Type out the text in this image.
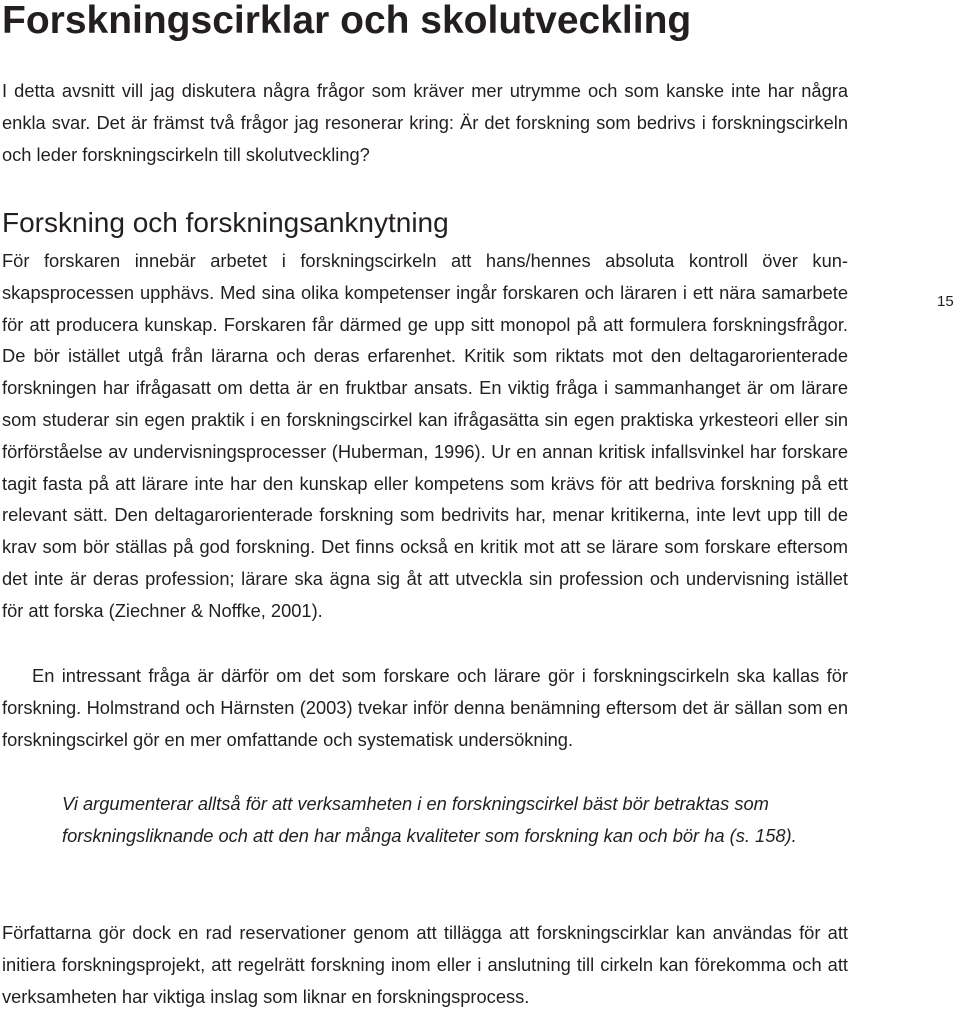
Forskningscirklar och skolutveckling

I detta avsnitt vill jag diskutera några frågor som kräver mer utrymme och som kanske inte har några enkla svar. Det är främst två frågor jag resonerar kring: Är det forskning som bedrivs i forskningscirkeln och leder forskningscirkeln till skolutveckling?

Forskning och forskningsanknytning

För forskaren innebär arbetet i forskningscirkeln att hans/hennes absoluta kontroll över kunskapsprocessen upphävs. Med sina olika kompetenser ingår forskaren och läraren i ett nära samarbete för att producera kunskap. Forskaren får därmed ge upp sitt monopol på att formulera forskningsfrågor. De bör istället utgå från lärarna och deras erfarenhet. Kritik som riktats mot den deltagarorienterade forskningen har ifrågasatt om detta är en fruktbar ansats. En viktig fråga i sammanhanget är om lärare som studerar sin egen praktik i en forskningscirkel kan ifrågasätta sin egen praktiska yrkesteori eller sin förförståelse av undervisningsprocesser (Huberman, 1996). Ur en annan kritisk infallsvinkel har forskare tagit fasta på att lärare inte har den kunskap eller kompetens som krävs för att bedriva forskning på ett relevant sätt. Den deltagarorienterade forskning som bedrivits har, menar kritikerna, inte levt upp till de krav som bör ställas på god forskning. Det finns också en kritik mot att se lärare som forskare eftersom det inte är deras profession; lärare ska ägna sig åt att utveckla sin profession och undervisning istället för att forska (Ziechner & Noffke, 2001).

En intressant fråga är därför om det som forskare och lärare gör i forskningscirkeln ska kallas för forskning. Holmstrand och Härnsten (2003) tvekar inför denna benämning eftersom det är sällan som en forskningscirkel gör en mer omfattande och systematisk undersökning.

Vi argumenterar alltså för att verksamheten i en forskningscirkel bäst bör betraktas som forskningsliknande och att den har många kvaliteter som forskning kan och bör ha (s. 158).

Författarna gör dock en rad reservationer genom att tillägga att forskningscirklar kan användas för att initiera forskningsprojekt, att regelrätt forskning inom eller i anslutning till cirkeln kan förekomma och att verksamheten har viktiga inslag som liknar en forskningsprocess.

15
